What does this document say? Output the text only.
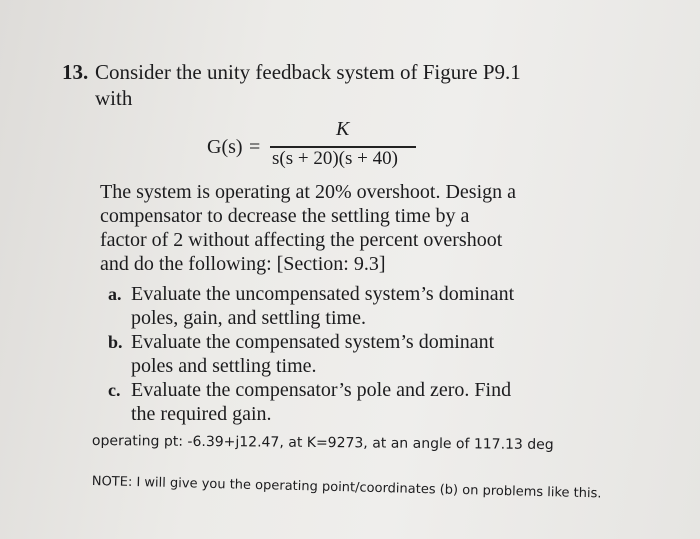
13. Consider the unity feedback system of Figure P9.1
with
G(s) =
K
s(s + 20)(s + 40)
The system is operating at 20% overshoot. Design a
compensator to decrease the settling time by a
factor of 2 without affecting the percent overshoot
and do the following: [Section: 9.3]
a. Evaluate the uncompensated system’s dominant
poles, gain, and settling time.
b. Evaluate the compensated system’s dominant
poles and settling time.
c. Evaluate the compensator’s pole and zero. Find
the required gain.
operating pt: -6.39+j12.47, at K=9273, at an angle of 117.13 deg
NOTE: I will give you the operating point/coordinates (b) on problems like this.
